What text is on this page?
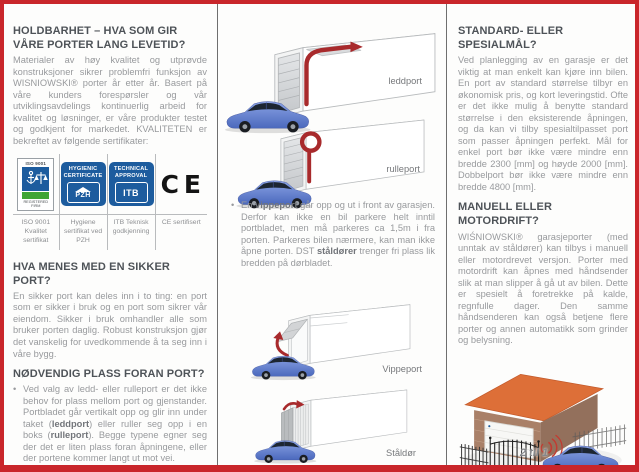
HOLDBARHET – HVA SOM GIR VÅRE PORTER LANG LEVETID?

Materialer av høy kvalitet og utprøvde konstruksjoner sikrer problemfri funksjon av WISNIOWSKI® porter år etter år. Basert på våre kunders forespørsler og vår utviklingsavdelings kontinuerlig arbeid for kvalitet og løsninger, er våre produkter testet og godkjent for markedet. KVALITETEN er bekreftet av følgende sertifikater:

ISO 9001
REGISTERED FIRM
ISO 9001 Kvalitet sertifikat
HYGIENIC
CERTIFICATE
PZH
Hygiene sertifikat ved PZH
TECHNICAL
APPROVAL
ITB
ITB Teknisk godkjenning
CE
CE sertifisert
HVA MENES MED EN SIKKER PORT?

En sikker port kan deles inn i to ting: en port som er sikker i bruk og en port som sikrer vår eiendom. Sikker i bruk omhandler alle som bruker porten daglig. Robust konstruksjon gjør det vanskelig for uvedkommende å ta seg inn i våre bygg.

NØDVENDIG PLASS FORAN PORT?

• Ved valg av ledd- eller rulleport er det ikke behov for plass mellom port og gjenstander. Portbladet går vertikalt opp og glir inn under taket (leddport) eller ruller seg opp i en boks (rulleport). Begge typene egner seg der det er liten plass foran åpningene, eller der portene kommer langt ut mot vei.

• En vippeport går opp og ut i front av garasjen. Derfor kan ikke en bil parkere helt inntil portbladet, men må parkeres ca 1,5m i fra porten. Parkeres bilen nærmere, kan man ikke åpne porten. DST ståldører trenger fri plass lik bredden på dørbladet.

leddport
rulleport
Vippeport
Ståldør
STANDARD- ELLER SPESIALMÅL?

Ved planlegging av en garasje er det viktig at man enkelt kan kjøre inn bilen. En port av standard størrelse tilbyr en økonomisk pris, og kort leveringstid. Ofte er det ikke mulig å benytte standard størrelse i den eksisterende åpningen, og da kan vi tilby spesialtilpasset port som passer åpningen perfekt. Mål for enkel port bør ikke være mindre enn bredde 2300 [mm] og høyde 2000 [mm]. Dobbelport bør ikke være mindre enn bredde 4800 [mm].

MANUELL ELLER MOTORDRIFT?

WIŚNIOWSKI® garasjeporter (med unntak av ståldører) kan tilbys i manuell eller motordrevet versjon. Porter med motordrift kan åpnes med håndsender slik at man slipper å gå ut av bilen. Dette er spesielt å foretrekke på kalde, regnfulle dager. Den samme håndsenderen kan også betjene flere porter og annen automatikk som grinder og belysning.

2 til 1
